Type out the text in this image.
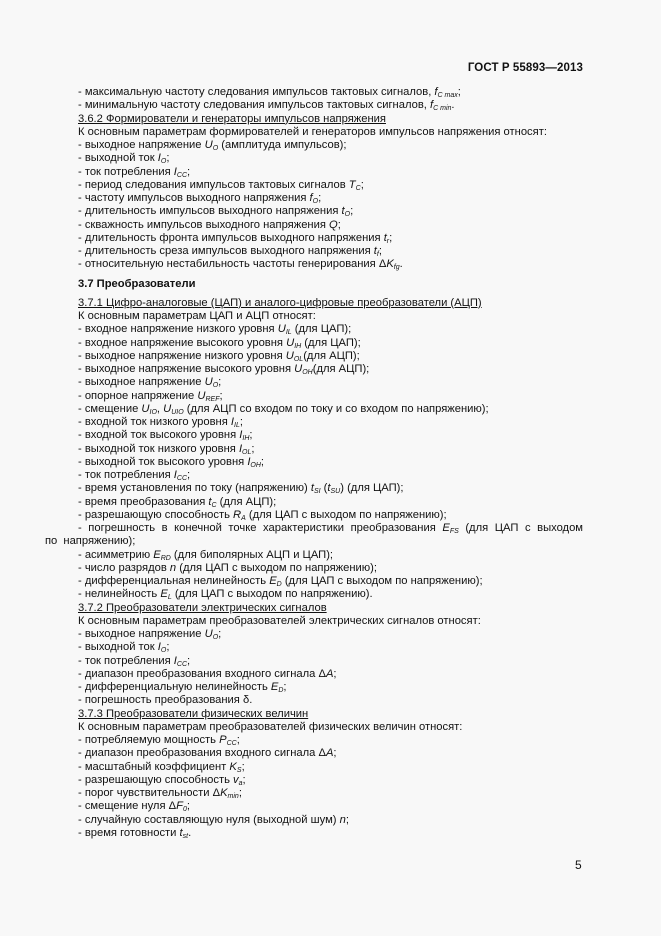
ГОСТ Р 55893—2013
- максимальную частоту следования импульсов тактовых сигналов, $f_{C max}$;
- минимальную частоту следования импульсов тактовых сигналов, $f_{C min}$.
3.6.2 Формирователи и генераторы импульсов напряжения
К основным параметрам формирователей и генераторов импульсов напряжения относят:
- выходное напряжение $U_O$ (амплитуда импульсов);
- выходной ток $I_O$;
- ток потребления $I_{CC}$;
- период следования импульсов тактовых сигналов $T_C$;
- частоту импульсов выходного напряжения $f_O$;
- длительность импульсов выходного напряжения $t_O$;
- скважность импульсов выходного напряжения Q;
- длительность фронта импульсов выходного напряжения $t_r$;
- длительность среза импульсов выходного напряжения $t_f$;
- относительную нестабильность частоты генерирования $\Delta K_{fg}$.
3.7 Преобразователи
3.7.1 Цифро-аналоговые (ЦАП) и аналого-цифровые преобразователи (АЦП)
К основным параметрам ЦАП и АЦП относят:
- входное напряжение низкого уровня $U_{IL}$ (для ЦАП);
- входное напряжение высокого уровня $U_{IH}$ (для ЦАП);
- выходное напряжение низкого уровня $U_{OL}(для$ АЦП);
- выходное напряжение высокого уровня $U_{OH}(для$ АЦП);
- выходное напряжение $U_O$;
- опорное напряжение $U_{REF}$;
- смещение $U_{IO}$, $U_{UIO}$ (для АЦП со входом по току и со входом по напряжению);
- входной ток низкого уровня $I_{IL}$;
- входной ток высокого уровня $I_{IH}$;
- выходной ток низкого уровня $I_{OL}$;
- выходной ток высокого уровня $I_{OH}$;
- ток потребления $I_{CC}$;
- время установления по току (напряжению) $t_{SI}$ $(t_{SU})$ (для ЦАП);
- время преобразования $t_C$ (для АЦП);
- разрешающую способность $R_A$ (для ЦАП с выходом по напряжению);
- погрешность в конечной точке характеристики преобразования $E_{FS}$ (для ЦАП с выходом по напряжению);
- асимметрию $E_{RD}$ (для биполярных АЦП и ЦАП);
- число разрядов n (для ЦАП с выходом по напряжению);
- дифференциальная нелинейность $E_D$ (для ЦАП с выходом по напряжению);
- нелинейность $E_L$ (для ЦАП с выходом по напряжению).
3.7.2 Преобразователи электрических сигналов
К основным параметрам преобразователей электрических сигналов относят:
- выходное напряжение $U_O$;
- выходной ток $I_O$;
- ток потребления $I_{CC}$;
- диапазон преобразования входного сигнала ΔA;
- дифференциальную нелинейность $E_D$;
- погрешность преобразования δ.
3.7.3 Преобразователи физических величин
К основным параметрам преобразователей физических величин относят:
- потребляемую мощность $P_{CC}$;
- диапазон преобразования входного сигнала ΔA;
- масштабный коэффициент $K_S$;
- разрешающую способность $v_a$;
- порог чувствительности $\Delta K_{min}$;
- смещение нуля $\Delta F_0$;
- случайную составляющую нуля (выходной шум) n;
- время готовности $t_{st}$.
5
